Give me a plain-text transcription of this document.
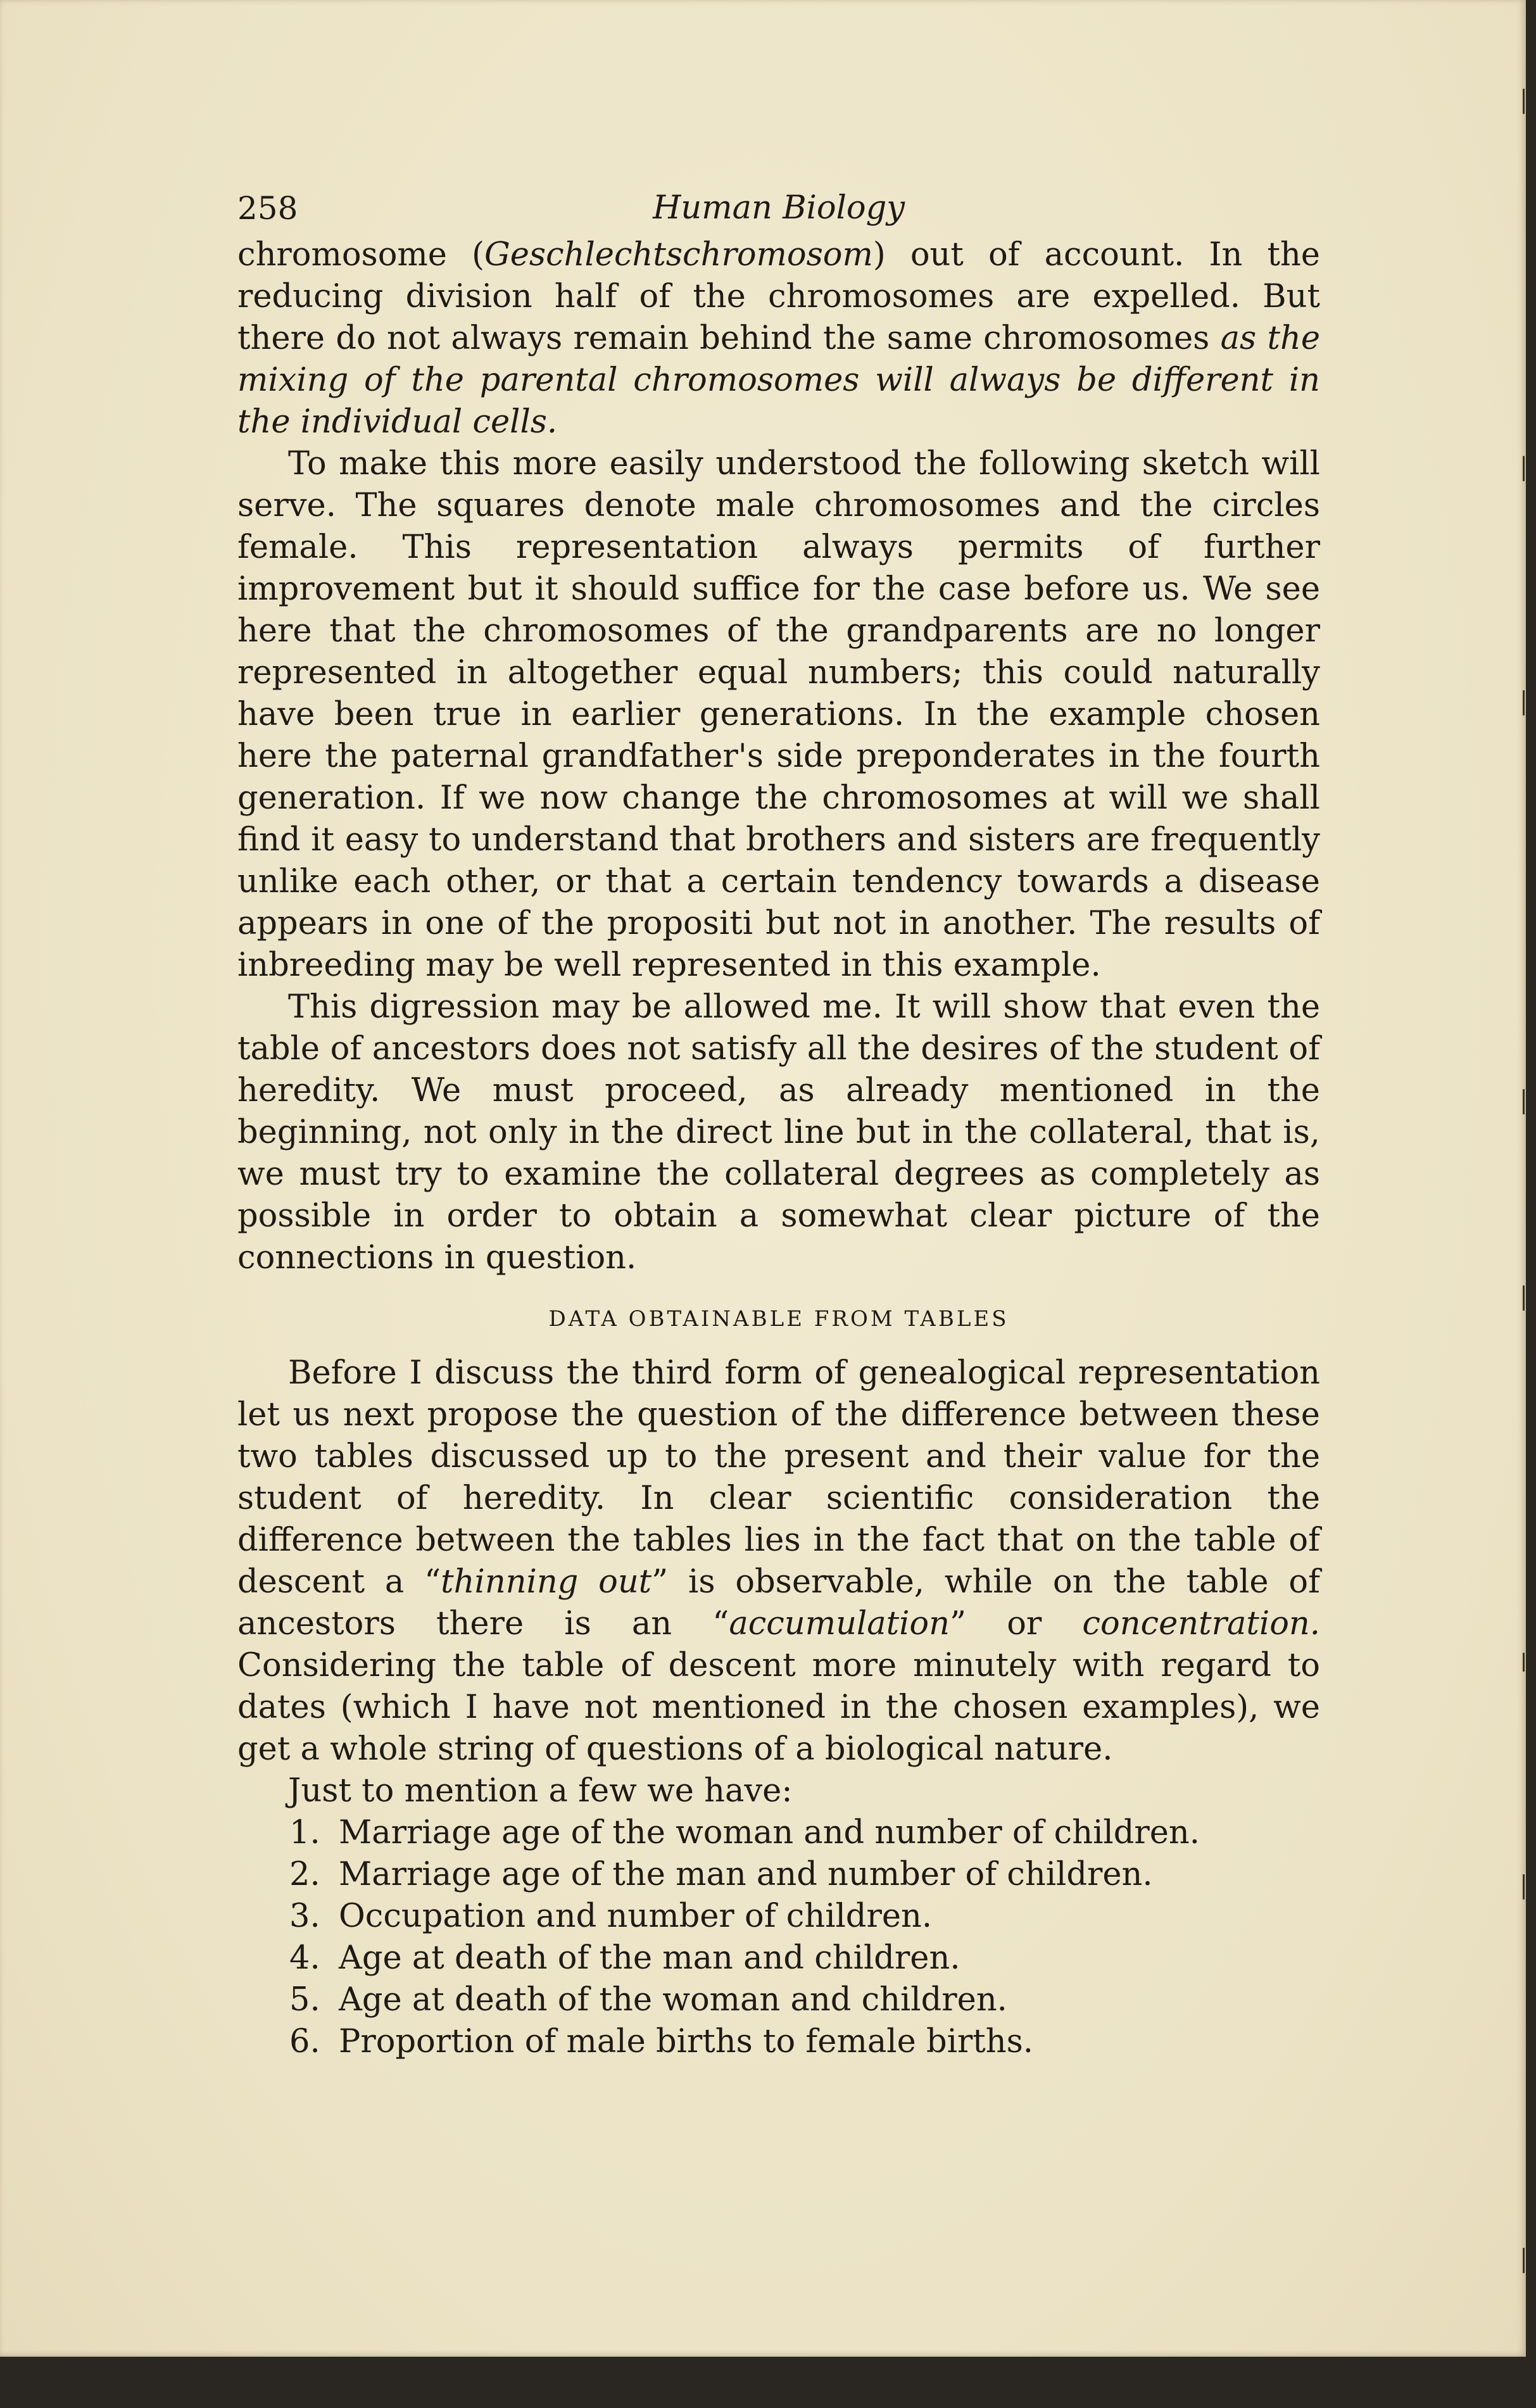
258	Human Biology

chromosome (Geschlechtschromosom) out of account. In the reducing division half of the chromosomes are expelled. But there do not always remain behind the same chromosomes as the mixing of the parental chromosomes will always be different in the individual cells.

To make this more easily understood the following sketch will serve. The squares denote male chromosomes and the circles female. This representation always permits of further improvement but it should suffice for the case before us. We see here that the chromosomes of the grandparents are no longer represented in altogether equal numbers; this could naturally have been true in earlier generations. In the example chosen here the paternal grandfather's side preponderates in the fourth generation. If we now change the chromosomes at will we shall find it easy to understand that brothers and sisters are frequently unlike each other, or that a certain tendency towards a disease appears in one of the propositi but not in another. The results of inbreeding may be well represented in this example.

This digression may be allowed me. It will show that even the table of ancestors does not satisfy all the desires of the student of heredity. We must proceed, as already mentioned in the beginning, not only in the direct line but in the collateral, that is, we must try to examine the collateral degrees as completely as possible in order to obtain a somewhat clear picture of the connections in question.

DATA OBTAINABLE FROM TABLES

Before I discuss the third form of genealogical representation let us next propose the question of the difference between these two tables discussed up to the present and their value for the student of heredity. In clear scientific consideration the difference between the tables lies in the fact that on the table of descent a “thinning out” is observable, while on the table of ancestors there is an “accumulation” or concentration. Considering the table of descent more minutely with regard to dates (which I have not mentioned in the chosen examples), we get a whole string of questions of a biological nature.

Just to mention a few we have:

1. Marriage age of the woman and number of children.
2. Marriage age of the man and number of children.
3. Occupation and number of children.
4. Age at death of the man and children.
5. Age at death of the woman and children.
6. Proportion of male births to female births.
